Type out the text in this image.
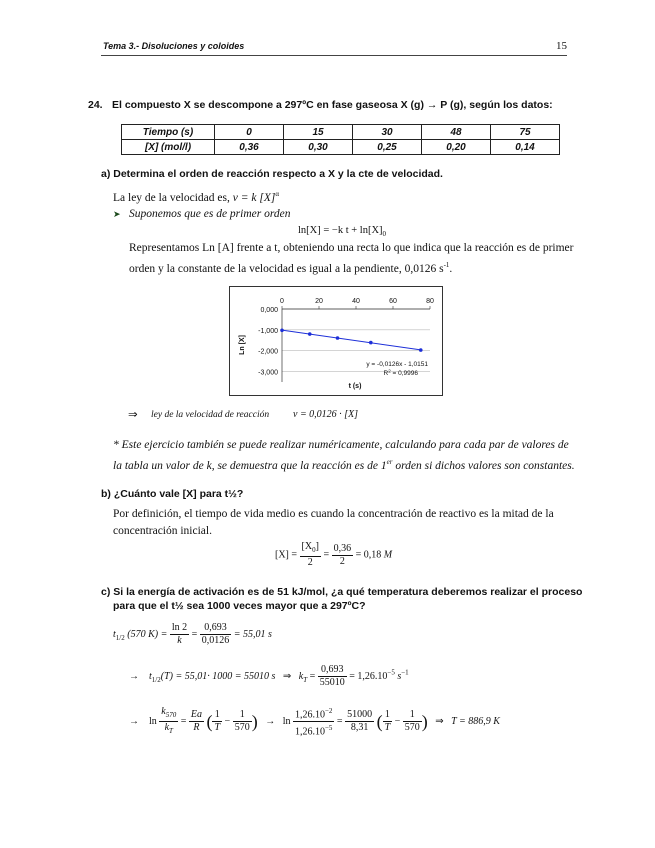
Tema 3.- Disoluciones y coloides	15
24. El compuesto X se descompone a 297ºC en fase gaseosa X (g) → P (g), según los datos:
Tiempo (s)	0	15	30	48	75
[X] (mol/l)	0,36	0,30	0,25	0,20	0,14
a) Determina el orden de reacción respecto a X y la cte de velocidad.
La ley de la velocidad es, v = k $[X]^\alpha$
➤ Suponemos que es de primer orden
ln[X] = −k $t + \ln[X]_0$
Representamos Ln [A] frente a t, obteniendo una recta lo que indica que la reacción es de primer
orden y la constante de la velocidad es igual a la pendiente, 0,0126 $s^{-1}$.
0,000
-1,000
-2,000
-3,000
0	20	40	60	80
Ln [X]
t (s)
y = -0,0126x - 1,0151
$R^2 = 0,9996$
⇒ ley de la velocidad de reacción v = 0,0126 · [X]
* Este ejercicio también se puede realizar numéricamente, calculando para cada par de valores de
la tabla un valor de k, se demuestra que la reacción es de 1er orden si dichos valores son constantes.
b) ¿Cuánto vale [X] para t½?
Por definición, el tiempo de vida medio es cuando la concentración de reactivo es la mitad de la
concentración inicial.
$[X] = \frac{[X_0]}{2} = \frac{0,36}{2} = 0,18$ M
c) Si la energía de activación es de 51 kJ/mol, ¿a qué temperatura deberemos realizar el proceso
para que el t½ sea 1000 veces mayor que a 297ºC?
$t_{1/2}$ (570 $K) = \frac{\ln 2}{k} = \frac{0,693}{0,0126} = 55,01$ s
→ $t_{1/2}(T) = 55,01\cdot 1000 = 55010$ s ⇒ $k_T = \frac{0,693}{55010} = 1,26.10^{-5}$ $s^{-1}$
→ $\ln \frac{k_{570}}{k_T} = \frac{Ea}{R}$ ( $\frac{1}{T} - \frac{1}{570}$ ) → $\ln \frac{1,26.10^{-2}}{1,26.10^{-5}} = \frac{51000}{8,31}$ ( $\frac{1}{T} - \frac{1}{570}$ ) ⇒ T = 886,9 K
